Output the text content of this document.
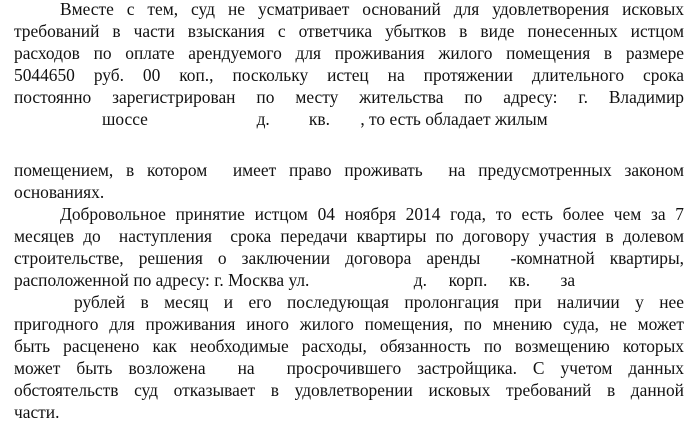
Вместе с тем, суд не усматривает оснований для удовлетворения исковых
требований в части взыскания с ответчика убытков в виде понесенных истцом
расходов по оплате арендуемого для проживания жилого помещения в размере
5044650 руб. 00 коп., поскольку истец на протяжении длительного срока
постоянно зарегистрирован по месту жительства по адресу: г. Владимир
шоссе                         д.         кв.       , то есть обладает жилым
помещением, в котором  имеет право проживать  на предусмотренных законом
основаниях.
Добровольное принятие истцом 04 ноября 2014 года, то есть более чем за 7
месяцев до  наступления  срока передачи квартиры по договору участия в долевом
строительстве, решения о заключении договора аренды  -комнатной квартиры,
расположенной по адресу: г. Москва ул.                        д.     корп.     кв.       за
рублей в месяц и его последующая пролонгация при наличии у нее
пригодного для проживания иного жилого помещения, по мнению суда, не может
быть расценено как необходимые расходы, обязанность по возмещению которых
может быть возложена  на  просрочившего застройщика. С учетом данных
обстоятельств суд отказывает в удовлетворении исковых требований в данной
части.
